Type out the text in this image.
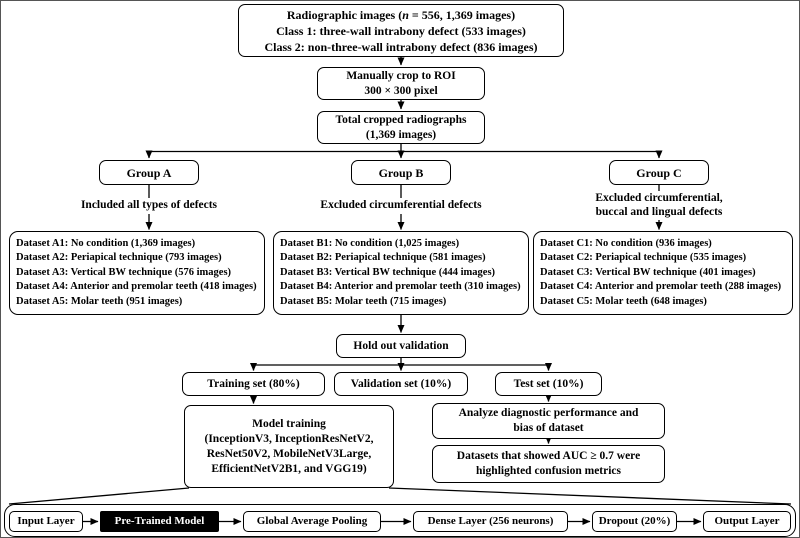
Radiographic images (n = 556, 1,369 images)
Class 1: three-wall intrabony defect (533 images)
Class 2: non-three-wall intrabony defect (836 images)
Manually crop to ROI
300 × 300 pixel
Total cropped radiographs
(1,369 images)
Group A	Group B	Group C
Included all types of defects	Excluded circumferential defects
Excluded circumferential,
buccal and lingual defects
Dataset A1: No condition (1,369 images)
Dataset A2: Periapical technique (793 images)
Dataset A3: Vertical BW technique (576 images)
Dataset A4: Anterior and premolar teeth (418 images)
Dataset A5: Molar teeth (951 images)
Dataset B1: No condition (1,025 images)
Dataset B2: Periapical technique (581 images)
Dataset B3: Vertical BW technique (444 images)
Dataset B4: Anterior and premolar teeth (310 images)
Dataset B5: Molar teeth (715 images)
Dataset C1: No condition (936 images)
Dataset C2: Periapical technique (535 images)
Dataset C3: Vertical BW technique (401 images)
Dataset C4: Anterior and premolar teeth (288 images)
Dataset C5: Molar teeth (648 images)
Hold out validation
Training set (80%)	Validation set (10%)	Test set (10%)
Model training
(InceptionV3, InceptionResNetV2,
ResNet50V2, MobileNetV3Large,
EfficientNetV2B1, and VGG19)
Analyze diagnostic performance and
bias of dataset
Datasets that showed AUC ≥ 0.7 were
highlighted confusion metrics
Input Layer	Pre-Trained Model	Global Average Pooling	Dense Layer (256 neurons)	Dropout (20%)	Output Layer
